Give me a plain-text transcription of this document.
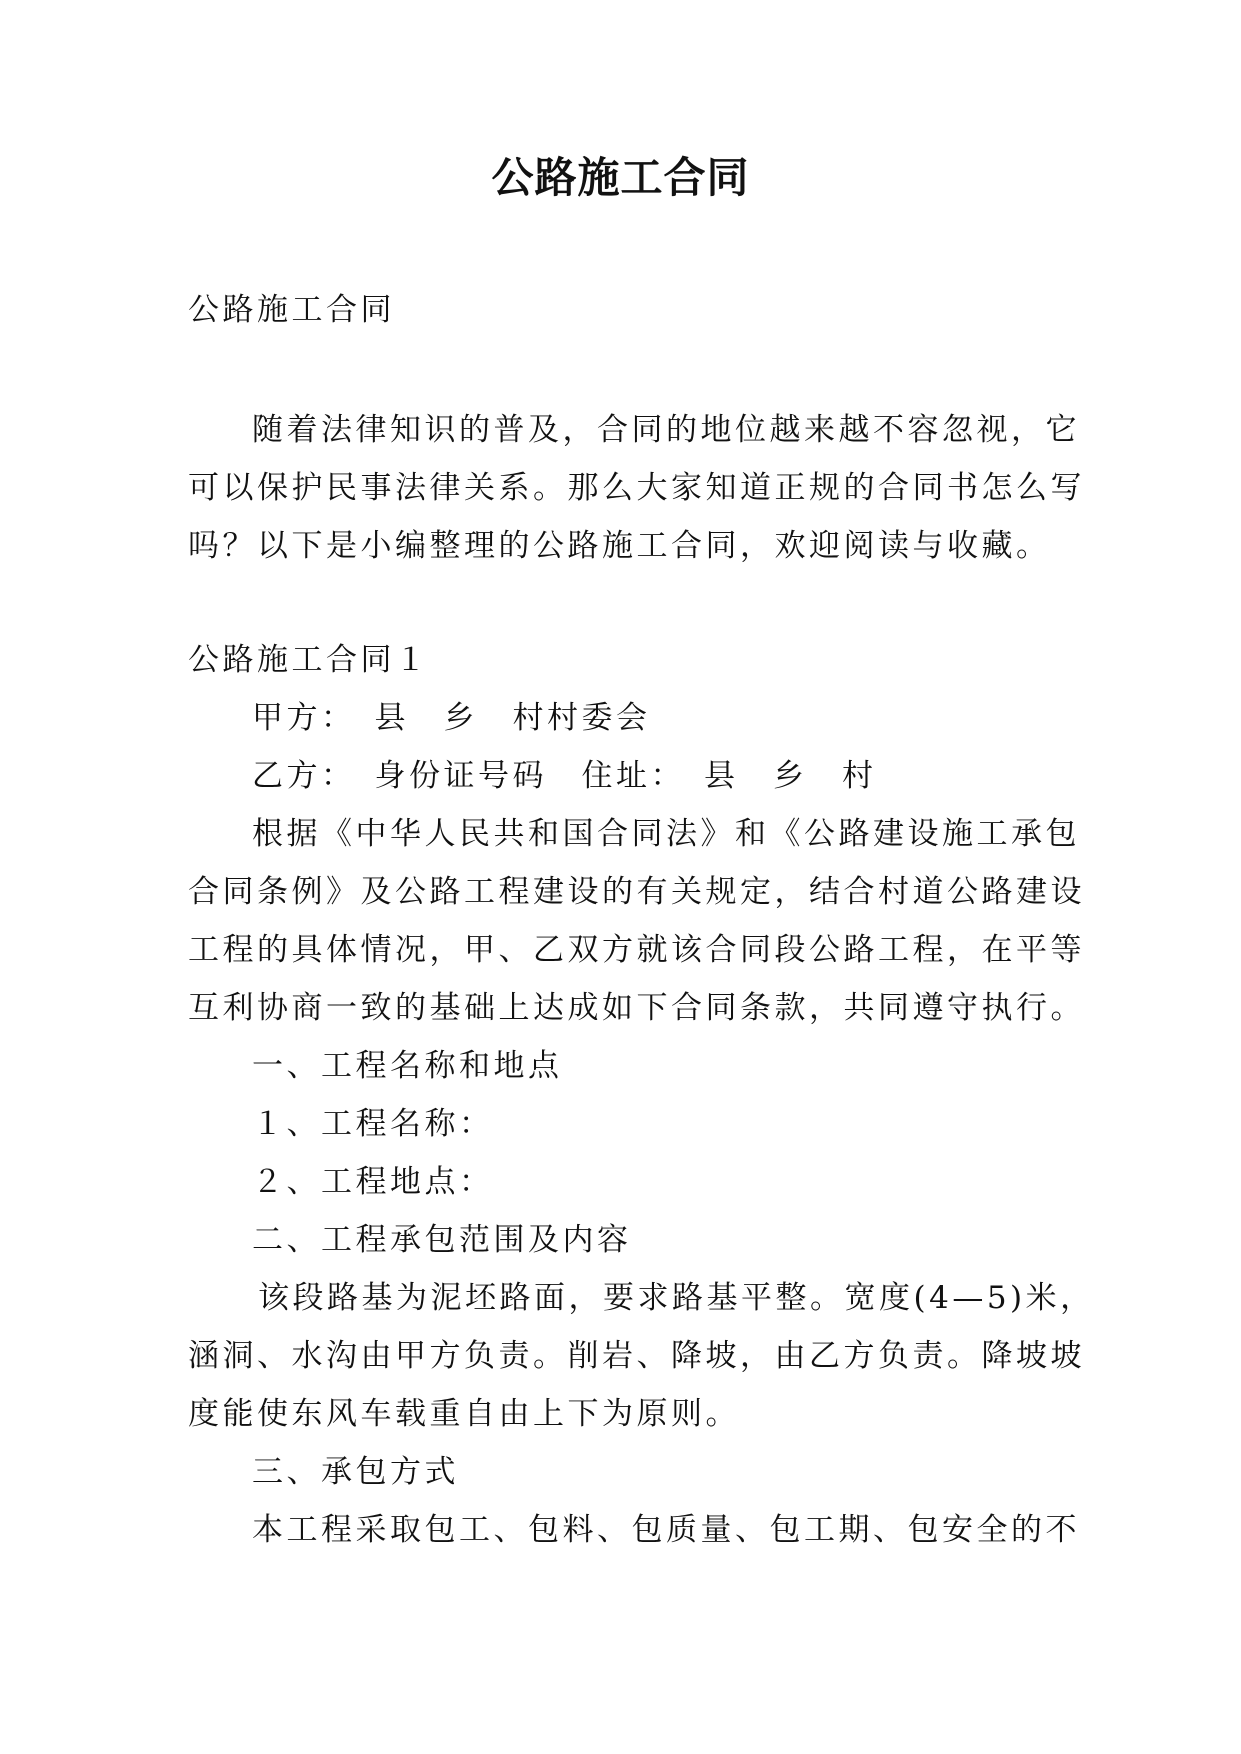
公路施工合同
公路施工合同
随着法律知识的普及，合同的地位越来越不容忽视，它
可以保护民事法律关系。那么大家知道正规的合同书怎么写
吗？以下是小编整理的公路施工合同，欢迎阅读与收藏。
公路施工合同１
甲方：　县　乡　村村委会
乙方：　身份证号码　住址：　县　乡　村
根据《中华人民共和国合同法》和《公路建设施工承包
合同条例》及公路工程建设的有关规定，结合村道公路建设
工程的具体情况，甲、乙双方就该合同段公路工程，在平等
互利协商一致的基础上达成如下合同条款，共同遵守执行。
一、工程名称和地点
１、工程名称：
２、工程地点：
二、工程承包范围及内容
该段路基为泥坯路面，要求路基平整。宽度(4—5)米，
涵洞、水沟由甲方负责。削岩、降坡，由乙方负责。降坡坡
度能使东风车载重自由上下为原则。
三、承包方式
本工程采取包工、包料、包质量、包工期、包安全的不
